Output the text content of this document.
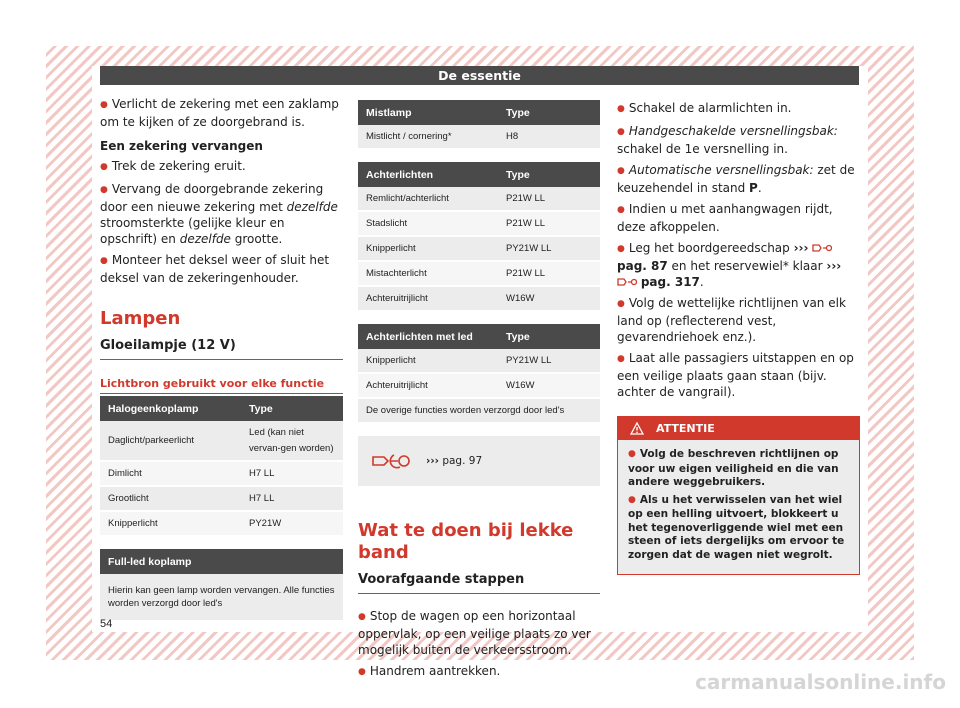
De essentie

● Verlicht de zekering met een zaklamp om te kijken of ze doorgebrand is.

Een zekering vervangen

● Trek de zekering eruit.

● Vervang de doorgebrande zekering door een nieuwe zekering met dezelfde stroomsterkte (gelijke kleur en opschrift) en dezelfde grootte.

● Monteer het deksel weer of sluit het deksel van de zekeringenhouder.

Lampen
Gloeilampje (12 V)
Lichtbron gebruikt voor elke functie
Halogeenkoplamp	Type
Daglicht/parkeerlicht	Led (kan niet vervan-gen worden)
Dimlicht	H7 LL
Grootlicht	H7 LL
Knipperlicht	PY21W
Full-led koplamp
Hierin kan geen lamp worden vervangen. Alle functies worden verzorgd door led's
Mistlamp	Type
Mistlicht / cornering*	H8
Achterlichten	Type
Remlicht/achterlicht	P21W LL
Stadslicht	P21W LL
Knipperlicht	PY21W LL
Mistachterlicht	P21W LL
Achteruitrijlicht	W16W
Achterlichten met led	Type
Knipperlicht	PY21W LL
Achteruitrijlicht	W16W
De overige functies worden verzorgd door led's	
››› pag. 97
Wat te doen bij lekke band
Voorafgaande stappen

● Stop de wagen op een horizontaal oppervlak, op een veilige plaats zo ver mogelijk buiten de verkeersstroom.

● Handrem aantrekken.

● Schakel de alarmlichten in.

● Handgeschakelde versnellingsbak: schakel de 1e versnelling in.

● Automatische versnellingsbak: zet de keuzehendel in stand P.

● Indien u met aanhangwagen rijdt, deze afkoppelen.

● Leg het boordgereedschap ›››  pag. 87 en het reservewiel* klaar ›››  pag. 317.

● Volg de wettelijke richtlijnen van elk land op (reflecterend vest, gevarendriehoek enz.).

● Laat alle passagiers uitstappen en op een veilige plaats gaan staan (bijv. achter de vangrail).

ATTENTIE

● Volg de beschreven richtlijnen op voor uw eigen veiligheid en die van andere weggebruikers.

● Als u het verwisselen van het wiel op een helling uitvoert, blokkeert u het tegenoverliggende wiel met een steen of iets dergelijks om ervoor te zorgen dat de wagen niet wegrolt.

54
carmanualsonline.info
